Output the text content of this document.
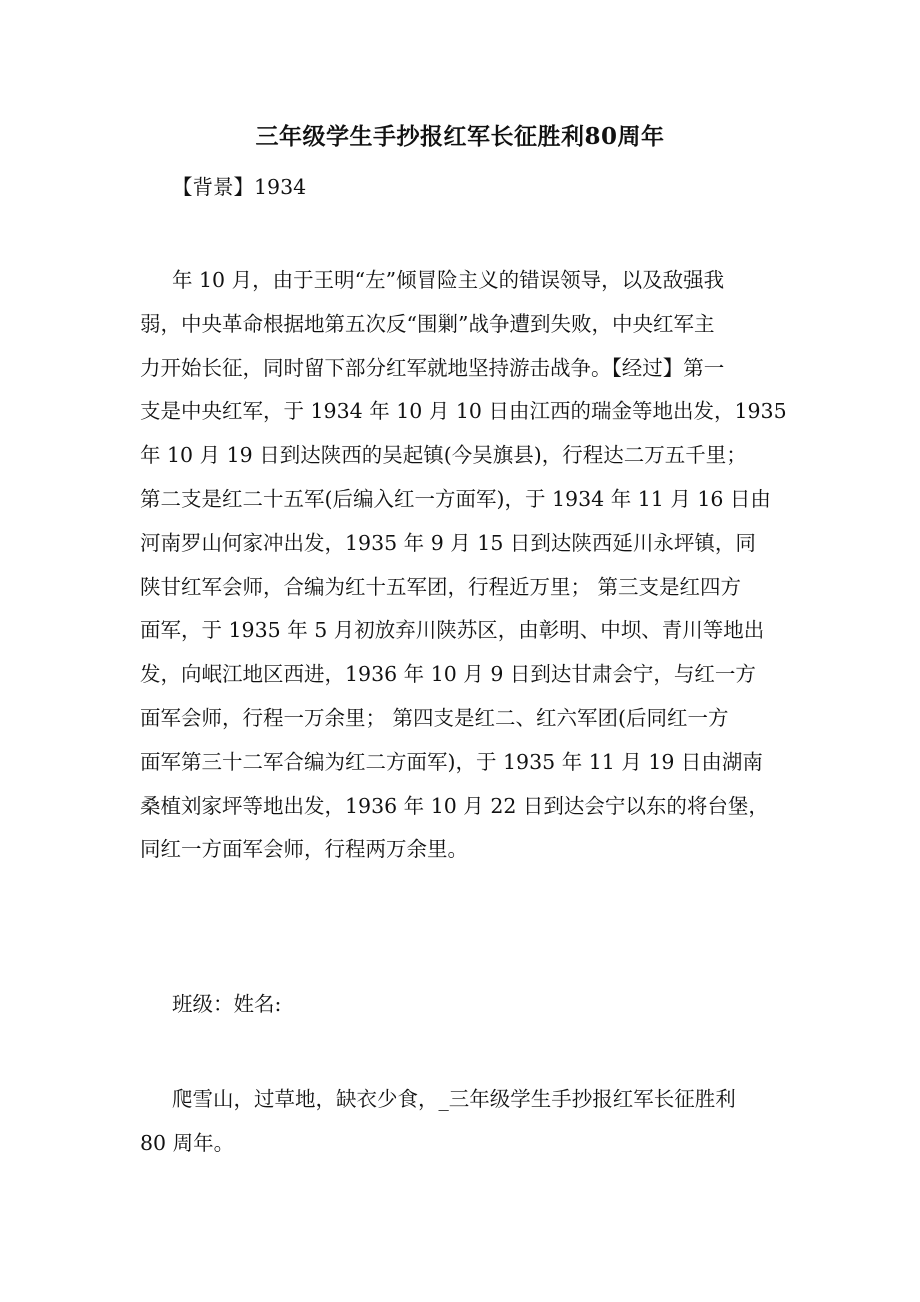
三年级学生手抄报红军长征胜利80周年
【背景】1934
年 10 月，由于王明“左”倾冒险主义的错误领导，以及敌强我
弱，中央革命根据地第五次反“围剿”战争遭到失败，中央红军主
力开始长征，同时留下部分红军就地坚持游击战争。【经过】第一
支是中央红军，于 1934 年 10 月 10 日由江西的瑞金等地出发，1935
年 10 月 19 日到达陕西的吴起镇(今吴旗县)，行程达二万五千里；
第二支是红二十五军(后编入红一方面军)，于 1934 年 11 月 16 日由
河南罗山何家冲出发，1935 年 9 月 15 日到达陕西延川永坪镇，同
陕甘红军会师，合编为红十五军团，行程近万里； 第三支是红四方
面军，于 1935 年 5 月初放弃川陕苏区，由彰明、中坝、青川等地出
发，向岷江地区西进，1936 年 10 月 9 日到达甘肃会宁，与红一方
面军会师，行程一万余里； 第四支是红二、红六军团(后同红一方
面军第三十二军合编为红二方面军)，于 1935 年 11 月 19 日由湖南
桑植刘家坪等地出发，1936 年 10 月 22 日到达会宁以东的将台堡，
同红一方面军会师，行程两万余里。
班级：姓名:
爬雪山，过草地，缺衣少食，_三年级学生手抄报红军长征胜利
80 周年。
